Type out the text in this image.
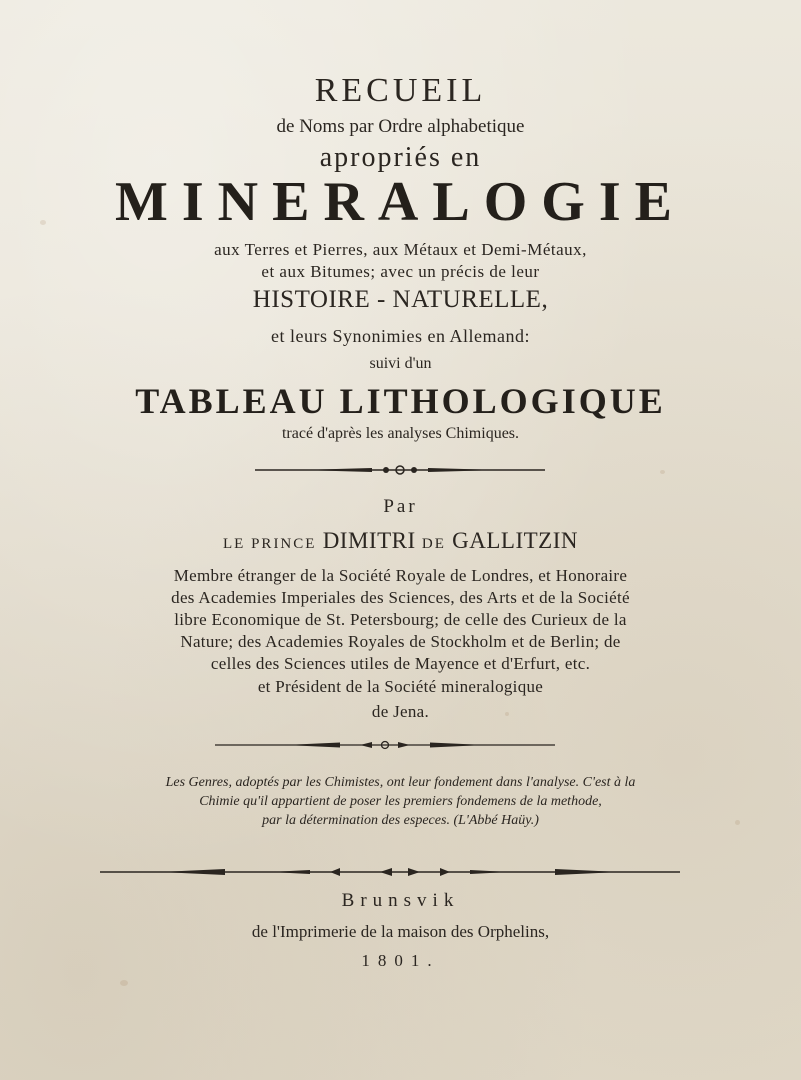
RECUEIL
de Noms par Ordre alphabetique
apropriés en
MINERALOGIE
aux Terres et Pierres, aux Métaux et Demi-Métaux,
et aux Bitumes; avec un précis de leur
HISTOIRE - NATURELLE,
et leurs Synonimies en Allemand:
suivi d'un
TABLEAU LITHOLOGIQUE
tracé d'après les analyses Chimiques.
Par
LE PRINCE DIMITRI DE GALLITZIN
Membre étranger de la Société Royale de Londres, et Honoraire
des Academies Imperiales des Sciences, des Arts et de la Société
libre Economique de St. Petersbourg; de celle des Curieux de la
Nature; des Academies Royales de Stockholm et de Berlin; de
celles des Sciences utiles de Mayence et d'Erfurt, etc.
et Président de la Société mineralogique
de Jena.
Les Genres, adoptés par les Chimistes, ont leur fondement dans l'analyse. C'est à la
Chimie qu'il appartient de poser les premiers fondemens de la methode,
par la détermination des especes. (L'Abbé Haüy.)
Brunsvik
de l'Imprimerie de la maison des Orphelins,
1801.
